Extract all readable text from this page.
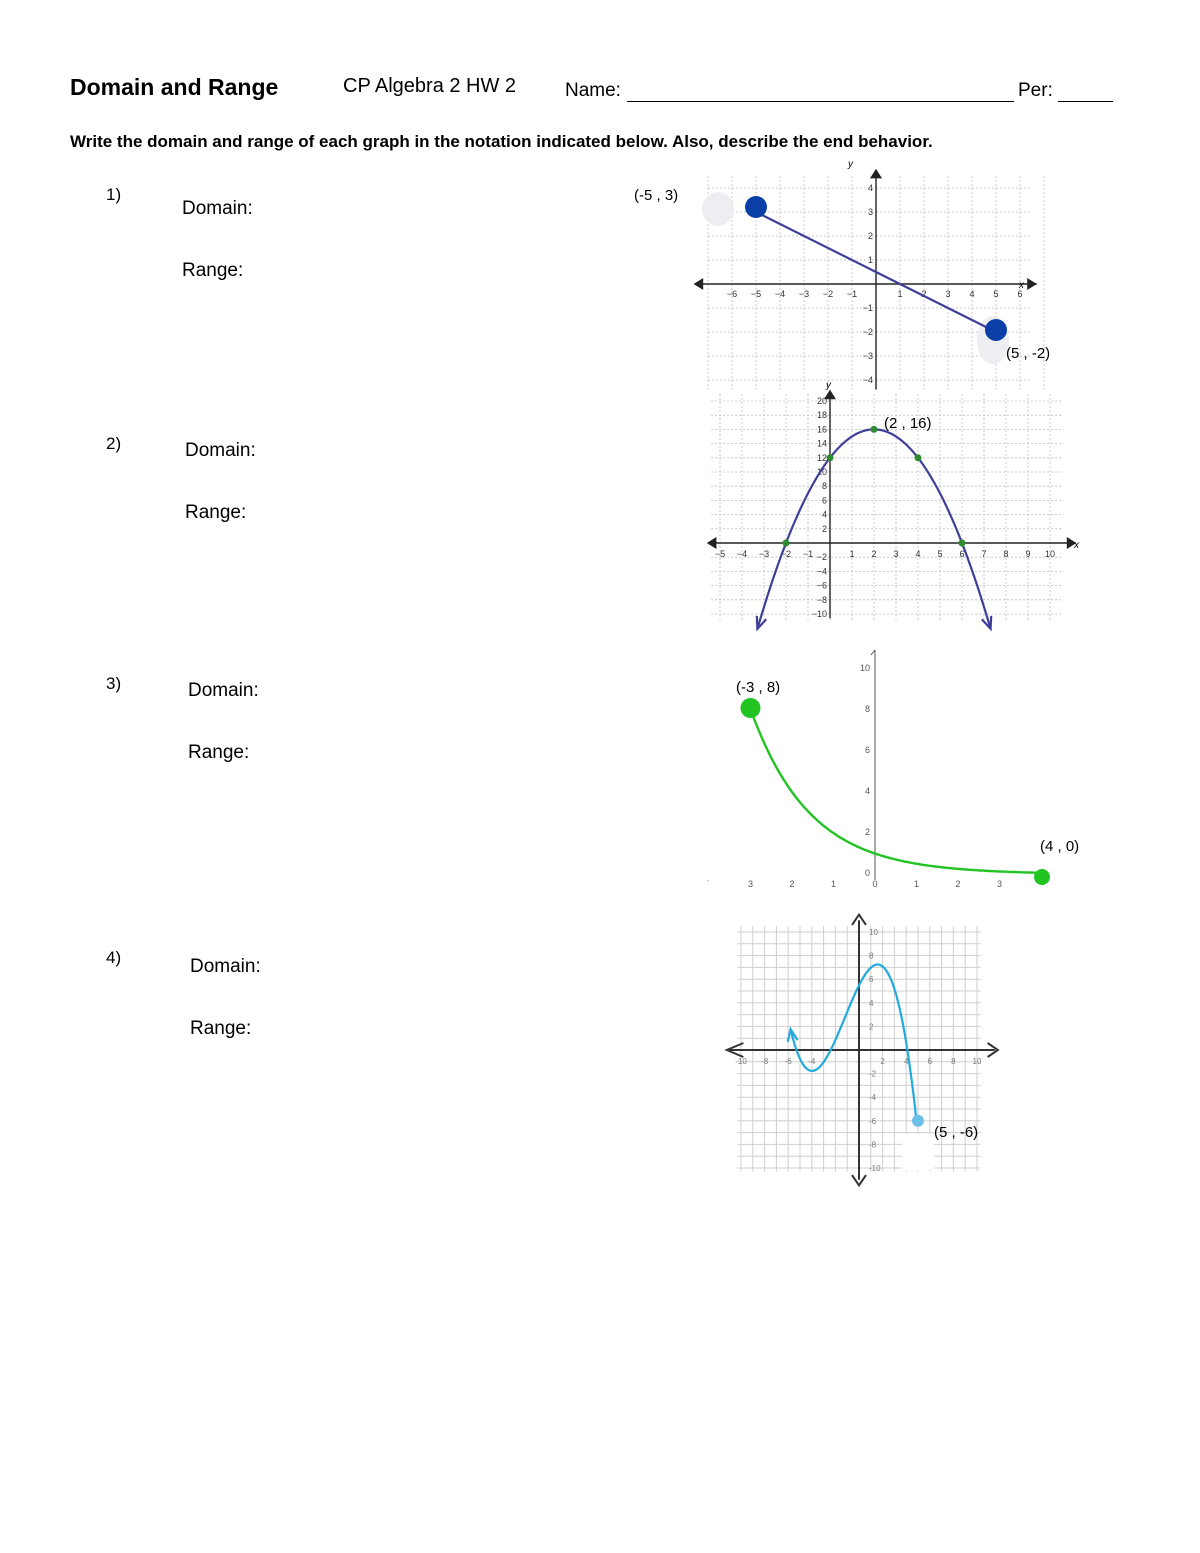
Domain and Range	CP Algebra 2 HW 2	Name:	Per:
Write the domain and range of each graph in the notation indicated below. Also, describe the end behavior.
1)
Domain:
Range:
2)	Domain:
Range:
3)	Domain:
Range:
4)	Domain:
Range:
−6 −5 −4 −3 −2 −1	1 2 3 4 5 6
4
3
2
1
−1
−2
−3
−4
x
y
(-5 , 3)
(5 , -2)
−5 −4 −3 −2 −1	1 2 3 4 5 6 7 8 9 10
20
18
16
14
12
10
8
6
4
2
−2
−4
−6
−8
−10
x
y
(2 , 16)
3	2	1	0	1	2	3
10
8
6
4
2
0
.
(-3 , 8)
(4 , 0)
-10 -8 -6 -4	2 4 6 8 10
10
8
6
4
2
-2
-4
-6
-8
-10
(5 , -6)
